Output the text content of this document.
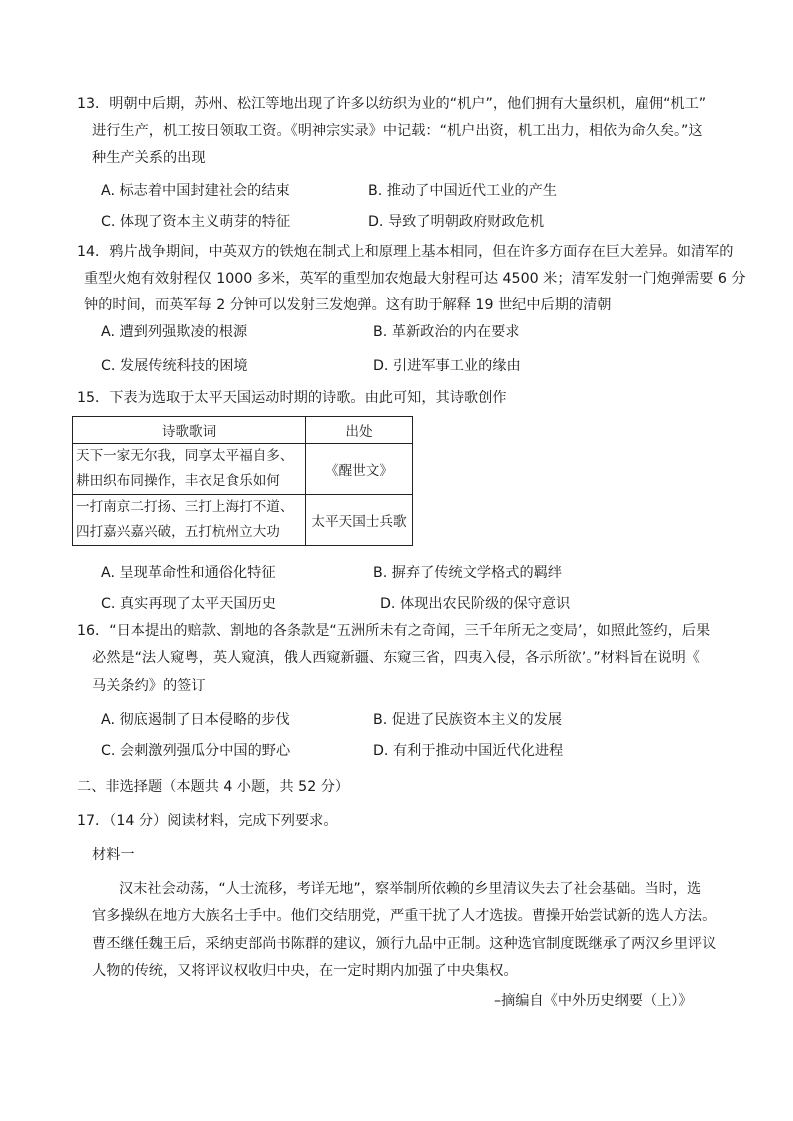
13．明朝中后期，苏州、松江等地出现了许多以纺织为业的“机户”，他们拥有大量织机，雇佣“机工”
进行生产，机工按日领取工资。《明神宗实录》中记载：“机户出资，机工出力，相依为命久矣。”这
种生产关系的出现
A. 标志着中国封建社会的结束	B. 推动了中国近代工业的产生
C. 体现了资本主义萌芽的特征	D. 导致了明朝政府财政危机
14．鸦片战争期间，中英双方的铁炮在制式上和原理上基本相同，但在许多方面存在巨大差异。如清军的
重型火炮有效射程仅 1000 多米，英军的重型加农炮最大射程可达 4500 米；清军发射一门炮弹需要 6 分
钟的时间，而英军每 2 分钟可以发射三发炮弹。这有助于解释 19 世纪中后期的清朝
A. 遭到列强欺凌的根源	B. 革新政治的内在要求
C. 发展传统科技的困境	D. 引进军事工业的缘由
15．下表为选取于太平天国运动时期的诗歌。由此可知，其诗歌创作
诗歌歌词	出处

天下一家无尔我，同享太平福自多、
耕田织布同操作，丰衣足食乐如何	《醒世文》

一打南京二打扬、三打上海打不道、
四打嘉兴嘉兴破，五打杭州立大功	太平天国士兵歌
A. 呈现革命性和通俗化特征	B. 摒弃了传统文学格式的羁绊
C. 真实再现了太平天国历史	D. 体现出农民阶级的保守意识
16．“日本提出的赔款、割地的各条款是“五洲所未有之奇闻，三千年所无之变局’，如照此签约，后果
必然是“法人窥粤，英人窥滇，俄人西窥新疆、东窥三省，四夷入侵，各示所欲’。”材料旨在说明《
马关条约》的签订
A. 彻底遏制了日本侵略的步伐	B. 促进了民族资本主义的发展
C. 会刺激列强瓜分中国的野心	D. 有利于推动中国近代化进程
二、非选择题（本题共 4 小题，共 52 分）
17．（14 分）阅读材料，完成下列要求。
材料一
汉末社会动荡，“人士流移，考详无地”，察举制所依赖的乡里清议失去了社会基础。当时，选
官多操纵在地方大族名士手中。他们交结朋党，严重干扰了人才选拔。曹操开始尝试新的选人方法。
曹丕继任魏王后，采纳吏部尚书陈群的建议，颁行九品中正制。这种选官制度既继承了两汉乡里评议
人物的传统，又将评议权收归中央，在一定时期内加强了中央集权。
–摘编自《中外历史纲要（上）》
